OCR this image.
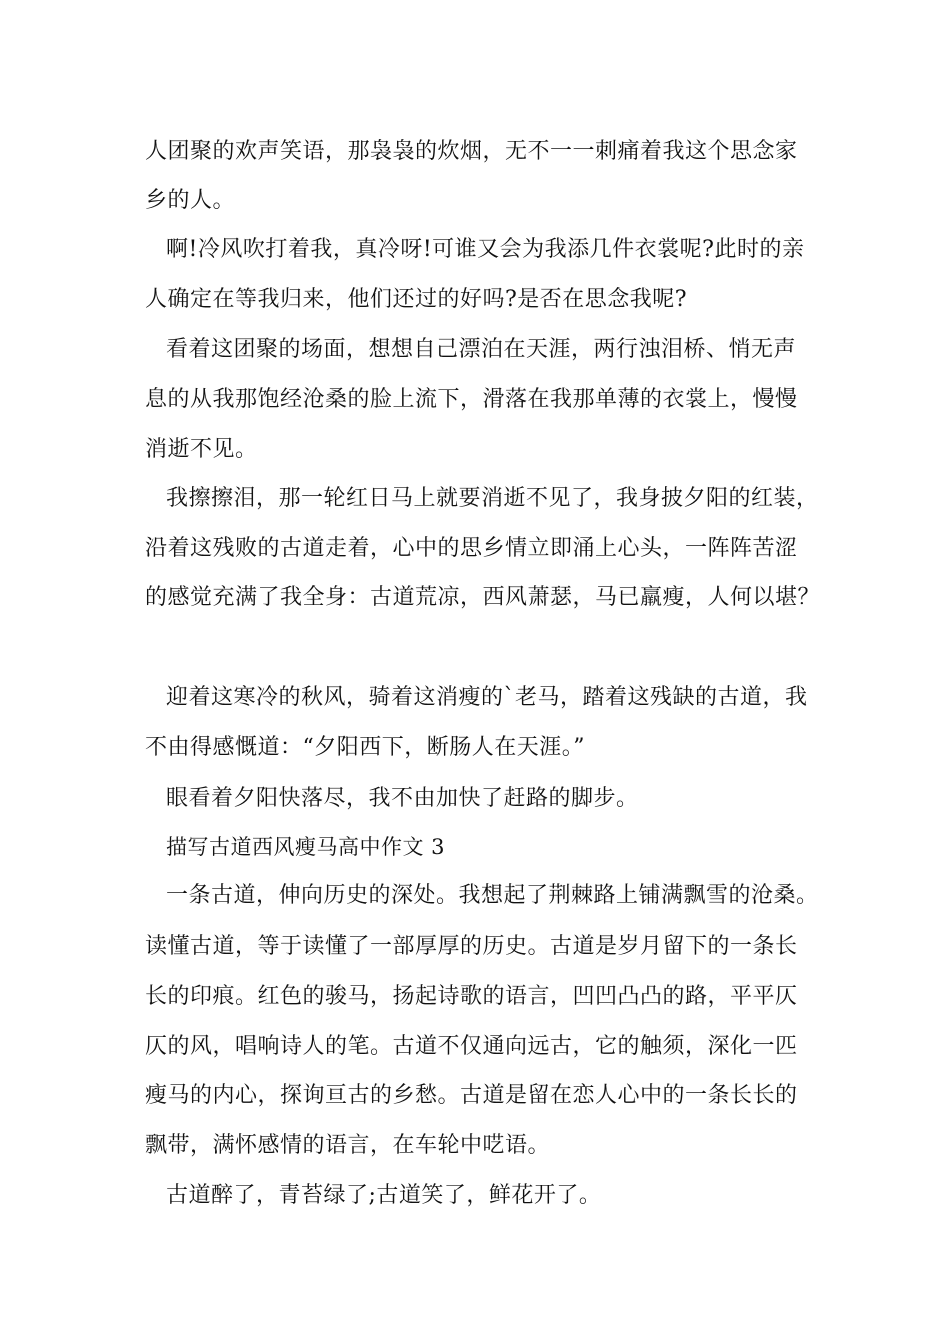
人团聚的欢声笑语，那袅袅的炊烟，无不一一刺痛着我这个思念家
乡的人。
啊!冷风吹打着我，真冷呀!可谁又会为我添几件衣裳呢?此时的亲
人确定在等我归来，他们还过的好吗?是否在思念我呢?
看着这团聚的场面，想想自己漂泊在天涯，两行浊泪桥、悄无声
息的从我那饱经沧桑的脸上流下，滑落在我那单薄的衣裳上，慢慢
消逝不见。
我擦擦泪，那一轮红日马上就要消逝不见了，我身披夕阳的红装，
沿着这残败的古道走着，心中的思乡情立即涌上心头，一阵阵苦涩
的感觉充满了我全身：古道荒凉，西风萧瑟，马已羸瘦，人何以堪？
迎着这寒冷的秋风，骑着这消瘦的`老马，踏着这残缺的古道，我
不由得感慨道：“夕阳西下，断肠人在天涯。”
眼看着夕阳快落尽，我不由加快了赶路的脚步。
描写古道西风瘦马高中作文 3
一条古道，伸向历史的深处。我想起了荆棘路上铺满飘雪的沧桑。
读懂古道，等于读懂了一部厚厚的历史。古道是岁月留下的一条长
长的印痕。红色的骏马，扬起诗歌的语言，凹凹凸凸的路，平平仄
仄的风，唱响诗人的笔。古道不仅通向远古，它的触须，深化一匹
瘦马的内心，探询亘古的乡愁。古道是留在恋人心中的一条长长的
飘带，满怀感情的语言，在车轮中呓语。
古道醉了，青苔绿了;古道笑了，鲜花开了。
